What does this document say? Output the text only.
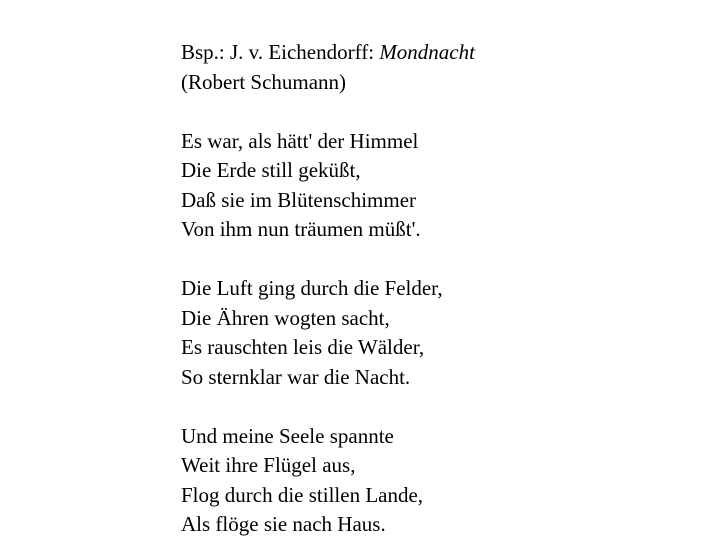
Bsp.: J. v. Eichendorff: Mondnacht
(Robert Schumann)
Es war, als hätt' der Himmel
Die Erde still geküßt,
Daß sie im Blütenschimmer
Von ihm nun träumen müßt'.
Die Luft ging durch die Felder,
Die Ähren wogten sacht,
Es rauschten leis die Wälder,
So sternklar war die Nacht.
Und meine Seele spannte
Weit ihre Flügel aus,
Flog durch die stillen Lande,
Als flöge sie nach Haus.
